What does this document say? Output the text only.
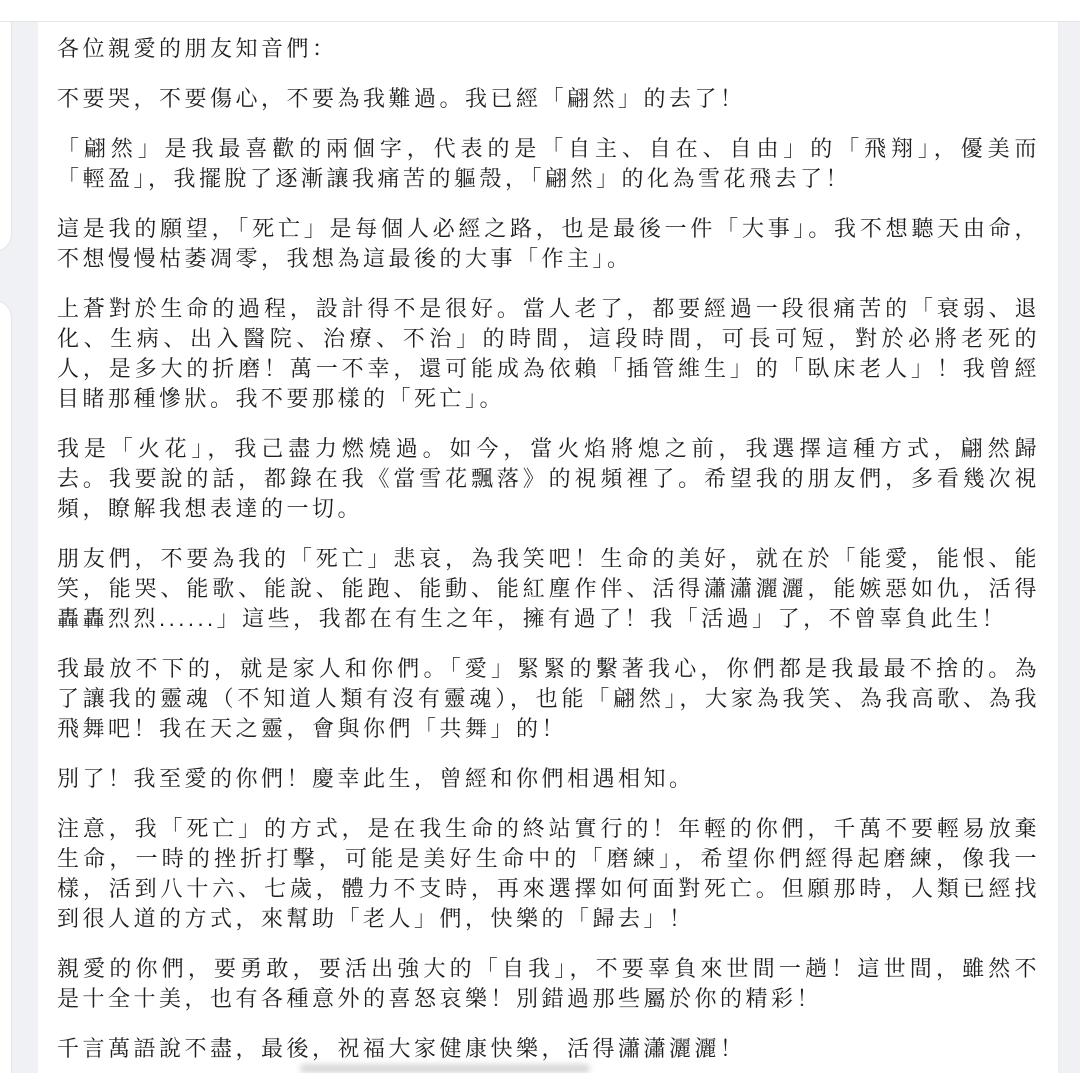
各位親愛的朋友知音們：

不要哭，不要傷心，不要為我難過。我已經「翩然」的去了！

「翩然」是我最喜歡的兩個字，代表的是「自主、自在、自由」的「飛翔」，優美而「輕盈」，我擺脫了逐漸讓我痛苦的軀殼，「翩然」的化為雪花飛去了！

這是我的願望，「死亡」是每個人必經之路，也是最後一件「大事」。我不想聽天由命，不想慢慢枯萎凋零，我想為這最後的大事「作主」。

上蒼對於生命的過程，設計得不是很好。當人老了，都要經過一段很痛苦的「衰弱、退化、生病、出入醫院、治療、不治」的時間，這段時間，可長可短，對於必將老死的人，是多大的折磨！萬一不幸，還可能成為依賴「插管維生」的「臥床老人」！我曾經目睹那種慘狀。我不要那樣的「死亡」。

我是「火花」，我己盡力燃燒過。如今，當火焰將熄之前，我選擇這種方式，翩然歸去。我要說的話，都錄在我《當雪花飄落》的視頻裡了。希望我的朋友們，多看幾次視頻，瞭解我想表達的一切。

朋友們，不要為我的「死亡」悲哀，為我笑吧！生命的美好，就在於「能愛，能恨、能笑，能哭、能歌、能說、能跑、能動、能紅塵作伴、活得瀟瀟灑灑，能嫉惡如仇，活得轟轟烈烈......」這些，我都在有生之年，擁有過了！我「活過」了，不曾辜負此生！

我最放不下的，就是家人和你們。「愛」緊緊的繫著我心，你們都是我最最不捨的。為了讓我的靈魂（不知道人類有沒有靈魂），也能「翩然」，大家為我笑、為我高歌、為我飛舞吧！我在天之靈，會與你們「共舞」的！

別了！我至愛的你們！慶幸此生，曾經和你們相遇相知。

注意，我「死亡」的方式，是在我生命的終站實行的！年輕的你們，千萬不要輕易放棄生命，一時的挫折打擊，可能是美好生命中的「磨練」，希望你們經得起磨練，像我一樣，活到八十六、七歲，體力不支時，再來選擇如何面對死亡。但願那時，人類已經找到很人道的方式，來幫助「老人」們，快樂的「歸去」！

親愛的你們，要勇敢，要活出強大的「自我」，不要辜負來世間一趟！這世間，雖然不是十全十美，也有各種意外的喜怒哀樂！別錯過那些屬於你的精彩！

千言萬語說不盡，最後，祝福大家健康快樂，活得瀟瀟灑灑！
